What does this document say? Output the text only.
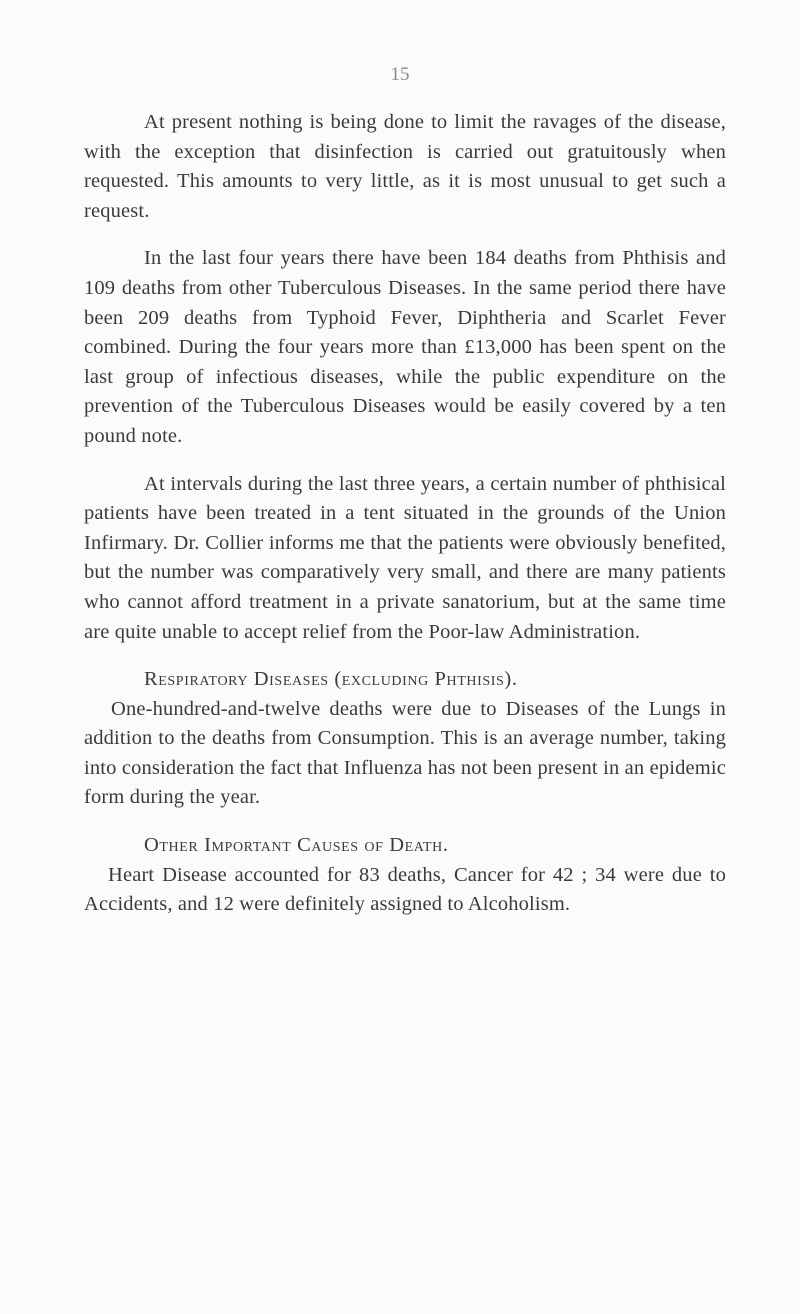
15

At present nothing is being done to limit the ravages of the disease, with the exception that disinfection is carried out gratuitously when requested. This amounts to very little, as it is most unusual to get such a request.

In the last four years there have been 184 deaths from Phthisis and 109 deaths from other Tuberculous Diseases. In the same period there have been 209 deaths from Typhoid Fever, Diphtheria and Scarlet Fever combined. During the four years more than £13,000 has been spent on the last group of infectious diseases, while the public expenditure on the prevention of the Tuberculous Diseases would be easily covered by a ten pound note.

At intervals during the last three years, a certain number of phthisical patients have been treated in a tent situated in the grounds of the Union Infirmary. Dr. Collier informs me that the patients were obviously benefited, but the number was comparatively very small, and there are many patients who cannot afford treatment in a private sanatorium, but at the same time are quite unable to accept relief from the Poor-law Administration.

Respiratory Diseases (excluding Phthisis).

One-hundred-and-twelve deaths were due to Diseases of the Lungs in addition to the deaths from Consumption. This is an average number, taking into consideration the fact that Influenza has not been present in an epidemic form during the year.

Other Important Causes of Death.

Heart Disease accounted for 83 deaths, Cancer for 42 ; 34 were due to Accidents, and 12 were definitely assigned to Alcoholism.
